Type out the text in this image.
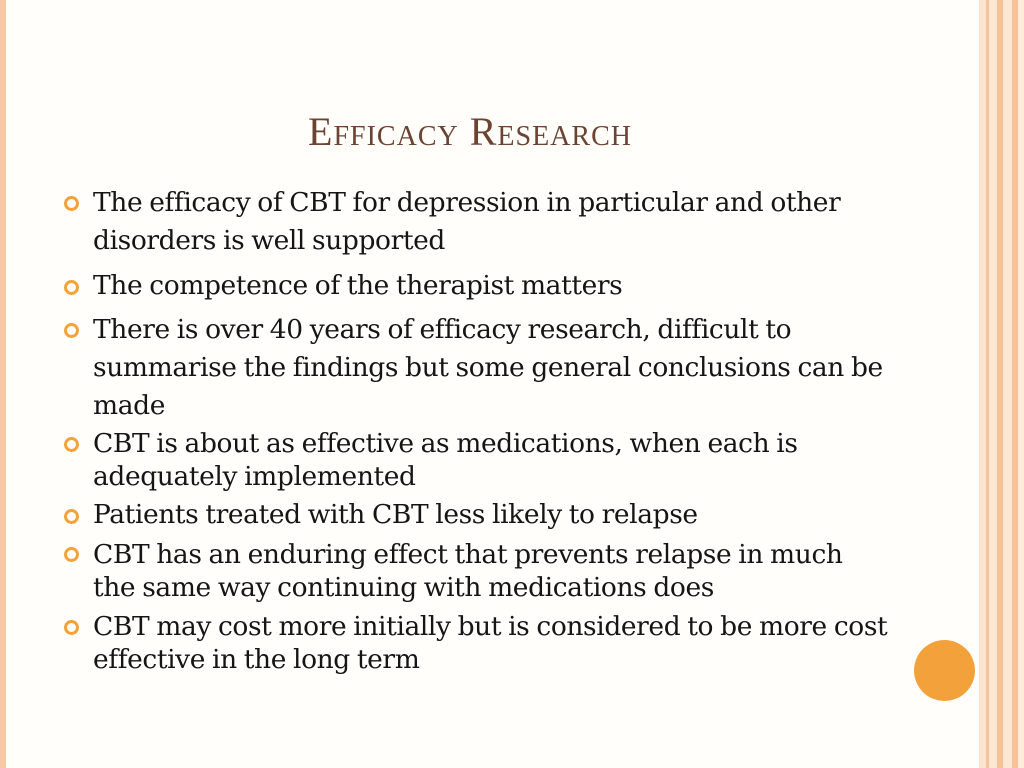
Efficacy Research
The efficacy of CBT for depression in particular and other disorders is well supported
The competence of the therapist matters
There is over 40 years of efficacy research, difficult to summarise the findings but some general conclusions can be made
CBT is about as effective as medications, when each is adequately implemented
Patients treated with CBT less likely to relapse
CBT has an enduring effect that prevents relapse in much the same way continuing with medications does
CBT may cost more initially but is considered to be more cost effective in the long term
